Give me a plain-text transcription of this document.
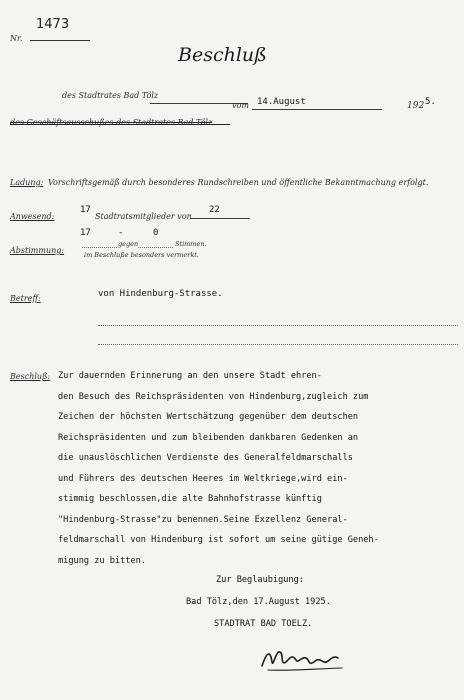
Nr.
1473
Beschluß
des Stadtrates Bad Tölz
vom 14.August	192 5.
des Geschäftsausschußes des Stadtrates Bad Tölz
Ladung: Vorschriftsgemäß durch besonderes Rundschreiben und öffentliche Bekanntmachung erfolgt.
Anwesend:
17
Stadtratsmitglieder von
22
17	-	0
Abstimmung:
gegen	Stimmen.
im Beschluße besonders vermerkt.
Betreff:	von Hindenburg-Strasse.
Beschluß: Zur dauernden Erinnerung an den unsere Stadt ehren-
den Besuch des Reichspräsidenten von Hindenburg,zugleich zum
Zeichen der höchsten Wertschätzung gegenüber dem deutschen
Reichspräsidenten und zum bleibenden dankbaren Gedenken an
die unauslöschlichen Verdienste des Generalfeldmarschalls
und Führers des deutschen Heeres im Weltkriege,wird ein-
stimmig beschlossen,die alte Bahnhofstrasse künftig
"Hindenburg-Strasse"zu benennen.Seine Exzellenz General-
feldmarschall von Hindenburg ist sofort um seine gütige Geneh-
migung zu bitten.
Zur Beglaubigung:
Bad Tölz,den 17.August 1925.
STADTRAT BAD TOELZ.
